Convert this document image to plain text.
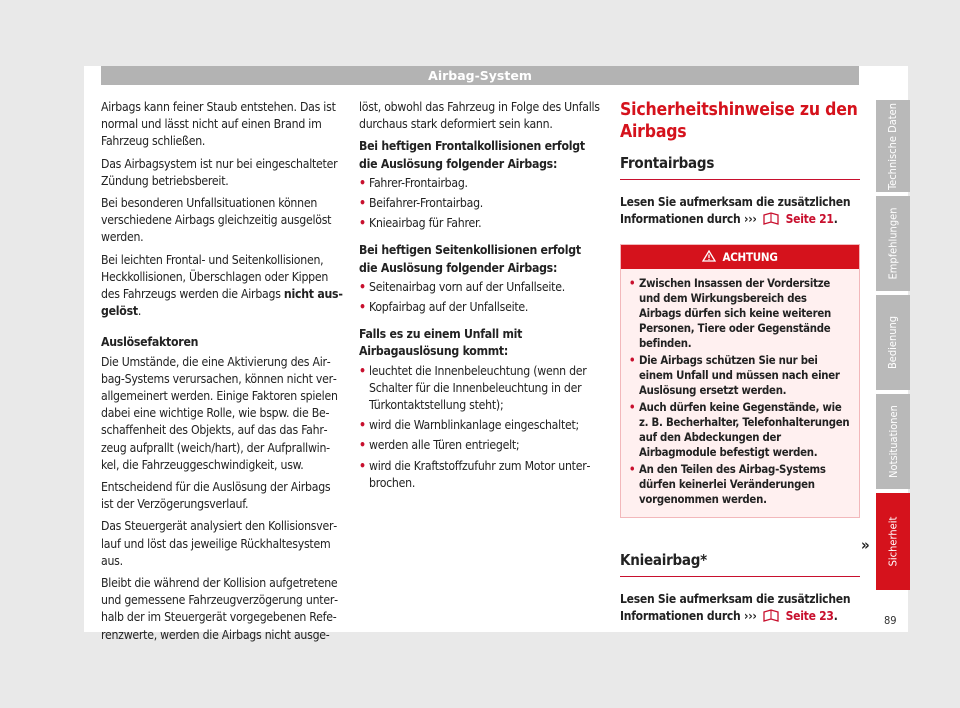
Airbag-System

Airbags kann feiner Staub entstehen. Das ist normal und lässt nicht auf einen Brand im Fahrzeug schließen.

Das Airbagsystem ist nur bei eingeschalteter Zündung betriebsbereit.

Bei besonderen Unfallsituationen können verschiedene Airbags gleichzeitig ausgelöst werden.

Bei leichten Frontal- und Seitenkollisionen, Heckkollisionen, Überschlagen oder Kippen des Fahrzeugs werden die Airbags nicht ausgelöst.

Auslösefaktoren

Die Umstände, die eine Aktivierung des Airbag-Systems verursachen, können nicht verallgemeinert werden. Einige Faktoren spielen dabei eine wichtige Rolle, wie bspw. die Beschaffenheit des Objekts, auf das das Fahrzeug aufprallt (weich/hart), der Aufprallwinkel, die Fahrzeuggeschwindigkeit, usw.

Entscheidend für die Auslösung der Airbags ist der Verzögerungsverlauf.

Das Steuergerät analysiert den Kollisionsverlauf und löst das jeweilige Rückhaltesystem aus.

Bleibt die während der Kollision aufgetretene und gemessene Fahrzeugverzögerung unterhalb der im Steuergerät vorgegebenen Referenzwerte, werden die Airbags nicht ausge-

löst, obwohl das Fahrzeug in Folge des Unfalls durchaus stark deformiert sein kann.

Bei heftigen Frontalkollisionen erfolgt die Auslösung folgender Airbags:

• Fahrer-Frontairbag.
• Beifahrer-Frontairbag.
• Knieairbag für Fahrer.

Bei heftigen Seitenkollisionen erfolgt die Auslösung folgender Airbags:

• Seitenairbag vorn auf der Unfallseite.
• Kopfairbag auf der Unfallseite.

Falls es zu einem Unfall mit Airbagauslösung kommt:

• leuchtet die Innenbeleuchtung (wenn der Schalter für die Innenbeleuchtung in der Türkontaktstellung steht);
• wird die Warnblinkanlage eingeschaltet;
• werden alle Türen entriegelt;
• wird die Kraftstoffzufuhr zum Motor unterbrochen.
Sicherheitshinweise zu den Airbags
Frontairbags
Lesen Sie aufmerksam die zusätzlichen Informationen durch ››› Seite 21.
ACHTUNG
• Zwischen Insassen der Vordersitze und dem Wirkungsbereich des Airbags dürfen sich keine weiteren Personen, Tiere oder Gegenstände befinden.
• Die Airbags schützen Sie nur bei einem Unfall und müssen nach einer Auslösung ersetzt werden.
• Auch dürfen keine Gegenstände, wie z. B. Becherhalter, Telefonhalterungen auf den Abdeckungen der Airbagmodule befestigt werden.
• An den Teilen des Airbag-Systems dürfen keinerlei Veränderungen vorgenommen werden.
Knieairbag*
Lesen Sie aufmerksam die zusätzlichen Informationen durch ››› Seite 23.
Technische Daten
Empfehlungen
Bedienung
Notsituationen
Sicherheit
»
89
